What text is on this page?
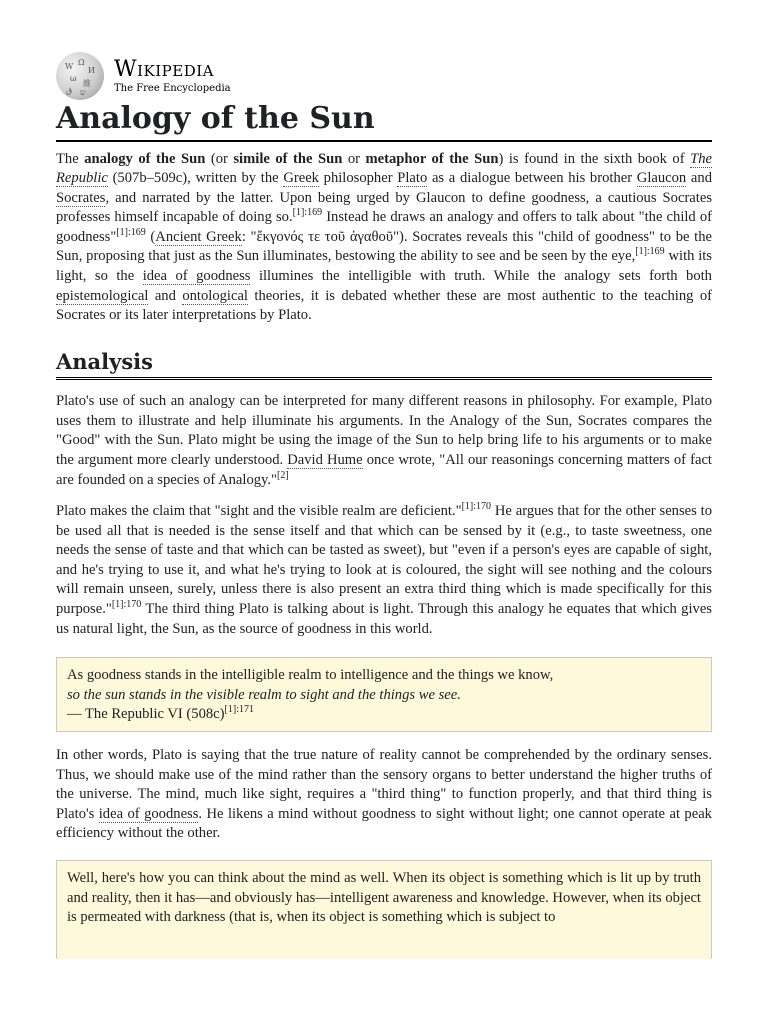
W Ω
И
ω
維
ق ש
Wikipedia
The Free Encyclopedia
Analogy of the Sun

The analogy of the Sun (or simile of the Sun or metaphor of the Sun) is found in the sixth book of The Republic (507b–509c), written by the Greek philosopher Plato as a dialogue between his brother Glaucon and Socrates, and narrated by the latter. Upon being urged by Glaucon to define goodness, a cautious Socrates professes himself incapable of doing so.$^{[1]:169}$ Instead he draws an analogy and offers to talk about "the child of goodness"$^{[1]:169}$ (Ancient Greek: "ἔκγονός τε τοῦ ἀγαθοῦ"). Socrates reveals this "child of goodness" to be the Sun, proposing that just as the Sun illuminates, bestowing the ability to see and be seen by the eye,$^{[1]:169}$ with its light, so the idea of goodness illumines the intelligible with truth. While the analogy sets forth both epistemological and ontological theories, it is debated whether these are most authentic to the teaching of Socrates or its later interpretations by Plato.

Analysis

Plato's use of such an analogy can be interpreted for many different reasons in philosophy. For example, Plato uses them to illustrate and help illuminate his arguments. In the Analogy of the Sun, Socrates compares the "Good" with the Sun. Plato might be using the image of the Sun to help bring life to his arguments or to make the argument more clearly understood. David Hume once wrote, "All our reasonings concerning matters of fact are founded on a species of Analogy."[2]

Plato makes the claim that "sight and the visible realm are deficient."$^{[1]:170}$ He argues that for the other senses to be used all that is needed is the sense itself and that which can be sensed by it (e.g., to taste sweetness, one needs the sense of taste and that which can be tasted as sweet), but "even if a person's eyes are capable of sight, and he's trying to use it, and what he's trying to look at is coloured, the sight will see nothing and the colours will remain unseen, surely, unless there is also present an extra third thing which is made specifically for this purpose."$^{[1]:170}$ The third thing Plato is talking about is light. Through this analogy he equates that which gives us natural light, the Sun, as the source of goodness in this world.

As goodness stands in the intelligible realm to intelligence and the things we know,
so the sun stands in the visible realm to sight and the things we see.
— The Republic VI $(508c)^{[1]:171}$

In other words, Plato is saying that the true nature of reality cannot be comprehended by the ordinary senses. Thus, we should make use of the mind rather than the sensory organs to better understand the higher truths of the universe. The mind, much like sight, requires a "third thing" to function properly, and that third thing is Plato's idea of goodness. He likens a mind without goodness to sight without light; one cannot operate at peak efficiency without the other.

Well, here's how you can think about the mind as well. When its object is something which is lit up by truth and reality, then it has—and obviously has—intelligent awareness and knowledge. However, when its object is permeated with darkness (that is, when its object is something which is subject to
